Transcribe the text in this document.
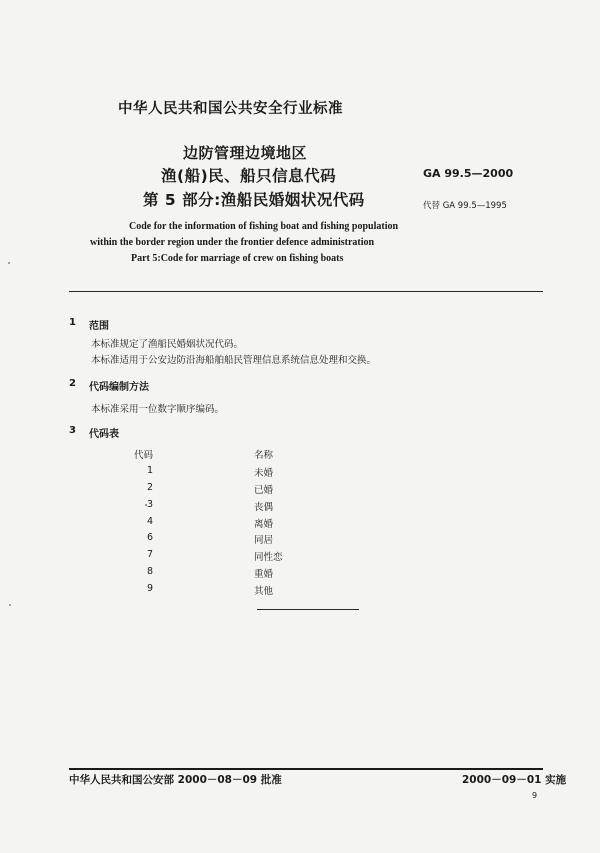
中华人民共和国公共安全行业标准
边防管理边境地区
渔(船)民、船只信息代码
第 5 部分:渔船民婚姻状况代码
GA 99.5—2000
代替 GA 99.5—1995
Code for the information of fishing boat and fishing population
within the border region under the frontier defence administration
Part 5:Code for marriage of crew on fishing boats
1 范围
本标准规定了渔船民婚姻状况代码。
本标准适用于公安边防沿海船舶船民管理信息系统信息处理和交换。
2 代码编制方法
本标准采用一位数字顺序编码。
3 代码表
代码	名称
1	未婚
2	已婚
3	丧偶
4	离婚
6	同居
7	同性恋
8	重婚
9	其他
中华人民共和国公安部 2000－08－09 批准	2000－09－01 实施
9
